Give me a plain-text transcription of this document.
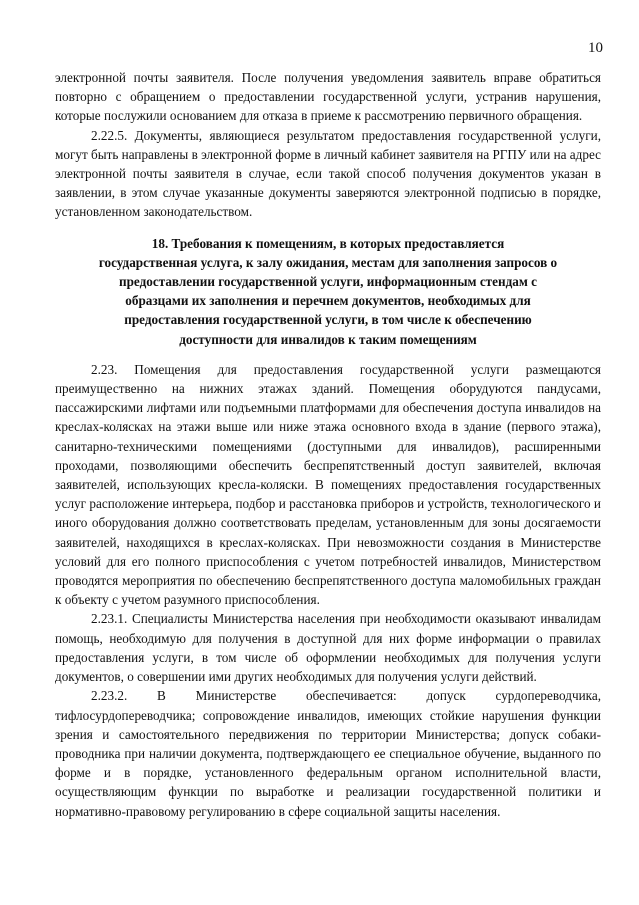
10

электронной почты заявителя. После получения уведомления заявитель вправе обратиться повторно с обращением о предоставлении государственной услуги, устранив нарушения, которые послужили основанием для отказа в приеме к рассмотрению первичного обращения.

2.22.5. Документы, являющиеся результатом предоставления государственной услуги, могут быть направлены в электронной форме в личный кабинет заявителя на РГПУ или на адрес электронной почты заявителя в случае, если такой способ получения документов указан в заявлении, в этом случае указанные документы заверяются электронной подписью в порядке, установленном законодательством.

18. Требования к помещениям, в которых предоставляется
государственная услуга, к залу ожидания, местам для заполнения запросов о
предоставлении государственной услуги, информационным стендам с
образцами их заполнения и перечнем документов, необходимых для
предоставления государственной услуги, в том числе к обеспечению
доступности для инвалидов к таким помещениям

2.23. Помещения для предоставления государственной услуги размещаются преимущественно на нижних этажах зданий. Помещения оборудуются пандусами, пассажирскими лифтами или подъемными платформами для обеспечения доступа инвалидов на креслах-колясках на этажи выше или ниже этажа основного входа в здание (первого этажа), санитарно-техническими помещениями (доступными для инвалидов), расширенными проходами, позволяющими обеспечить беспрепятственный доступ заявителей, включая заявителей, использующих кресла-коляски. В помещениях предоставления государственных услуг расположение интерьера, подбор и расстановка приборов и устройств, технологического и иного оборудования должно соответствовать пределам, установленным для зоны досягаемости заявителей, находящихся в креслах-колясках. При невозможности создания в Министерстве условий для его полного приспособления с учетом потребностей инвалидов, Министерством проводятся мероприятия по обеспечению беспрепятственного доступа маломобильных граждан к объекту с учетом разумного приспособления.

2.23.1. Специалисты Министерства населения при необходимости оказывают инвалидам помощь, необходимую для получения в доступной для них форме информации о правилах предоставления услуги, в том числе об оформлении необходимых для получения услуги документов, о совершении ими других необходимых для получения услуги действий.

2.23.2. В Министерстве обеспечивается: допуск сурдопереводчика, тифлосурдопереводчика; сопровождение инвалидов, имеющих стойкие нарушения функции зрения и самостоятельного передвижения по территории Министерства; допуск собаки-проводника при наличии документа, подтверждающего ее специальное обучение, выданного по форме и в порядке, установленного федеральным органом исполнительной власти, осуществляющим функции по выработке и реализации государственной политики и нормативно-правовому регулированию в сфере социальной защиты населения.
